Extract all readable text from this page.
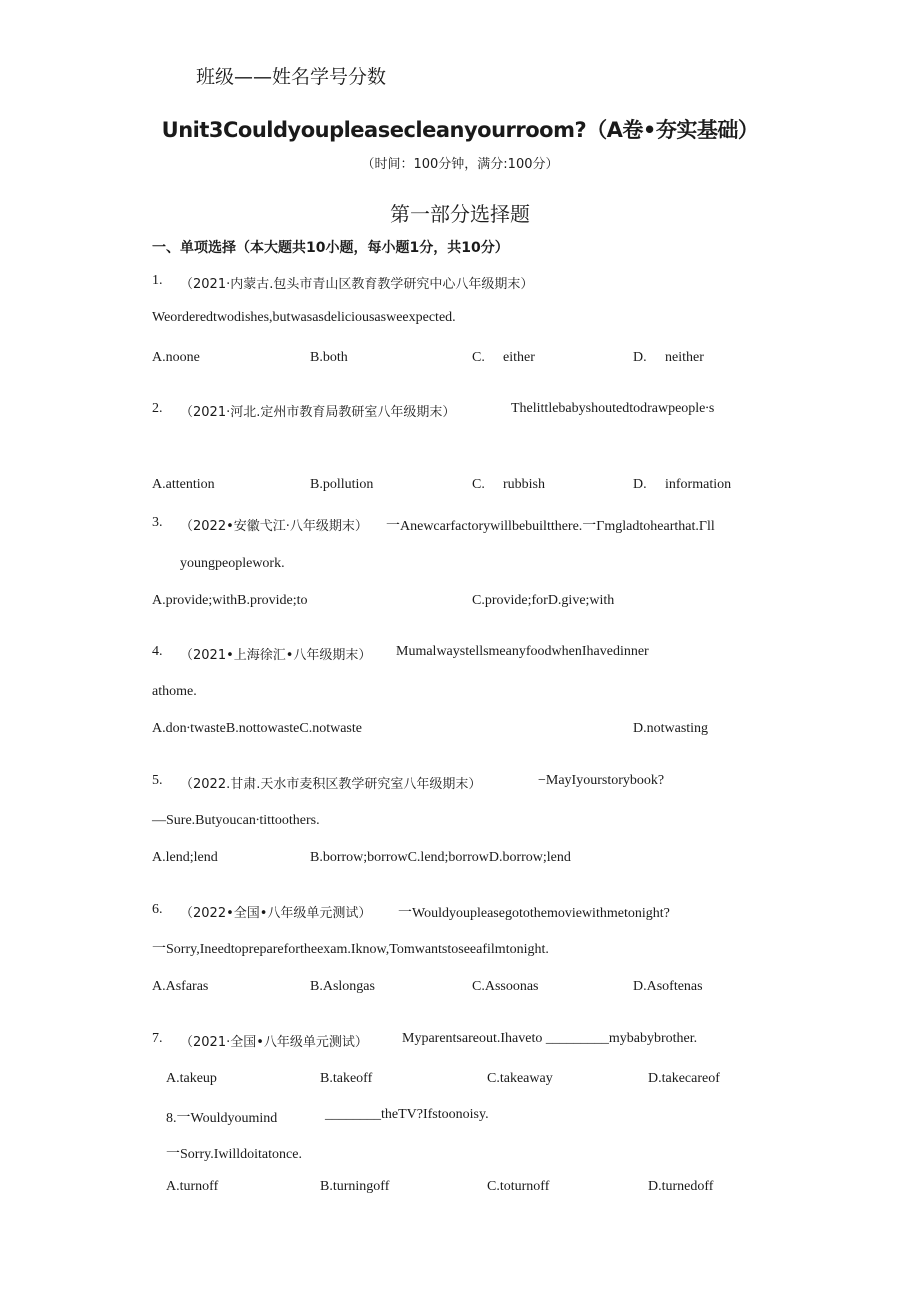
班级——姓名学号分数
Unit3Couldyoupleasecleanyourroom?（A卷•夯实基础）
（时间：100分钟，满分:100分）
第一部分选择题
一、单项选择（本大题共10小题，每小题1分，共10分）
1. （2021·内蒙古.包头市青山区教育教学研究中心八年级期末）
Weorderedtwodishes,butwasasdeliciousasweexpected.
A.noone	B.both	C. either	D. neither
2. （2021·河北.定州市教育局教研室八年级期末）	Thelittlebabyshoutedtodrawpeople∙s
A.attention	B.pollution	C. rubbish	D. information
3. （2022•安徽弋江·八年级期末） 一Anewcarfactorywillbebuiltthere.一Γmgladtohearthat.Γll
youngpeoplework.
A.provide;withB.provide;to	C.provide;forD.give;with
4. （2021•上海徐汇•八年级期末） MumalwaystellsmeanyfoodwhenIhavedinner
athome.
A.don∙twasteB.nottowasteC.notwaste	D.notwasting
5. （2022.甘肃.天水市麦积区教学研究室八年级期末）	−MayIyourstorybook?
—Sure.Butyoucan∙tittoothers.
A.lend;lend	B.borrow;borrowC.lend;borrowD.borrow;lend
6. （2022•全国•八年级单元测试） 一Wouldyoupleasegotothemoviewithmetonight?
一Sorry,Ineedtopreparefortheexam.Iknow,Tomwantstoseeafilmtonight.
A.Asfaras	B.Aslongas	C.Assoonas	D.Asoftenas
7. （2021·全国•八年级单元测试） Myparentsareout.Ihaveto _________mybabybrother.
A.takeup	B.takeoff	C.takeaway	D.takecareof
8.一Wouldyoumind	________theTV?Ifstoonoisy.
一Sorry.Iwilldoitatonce.
A.turnoff	B.turningoff	C.toturnoff	D.turnedoff
